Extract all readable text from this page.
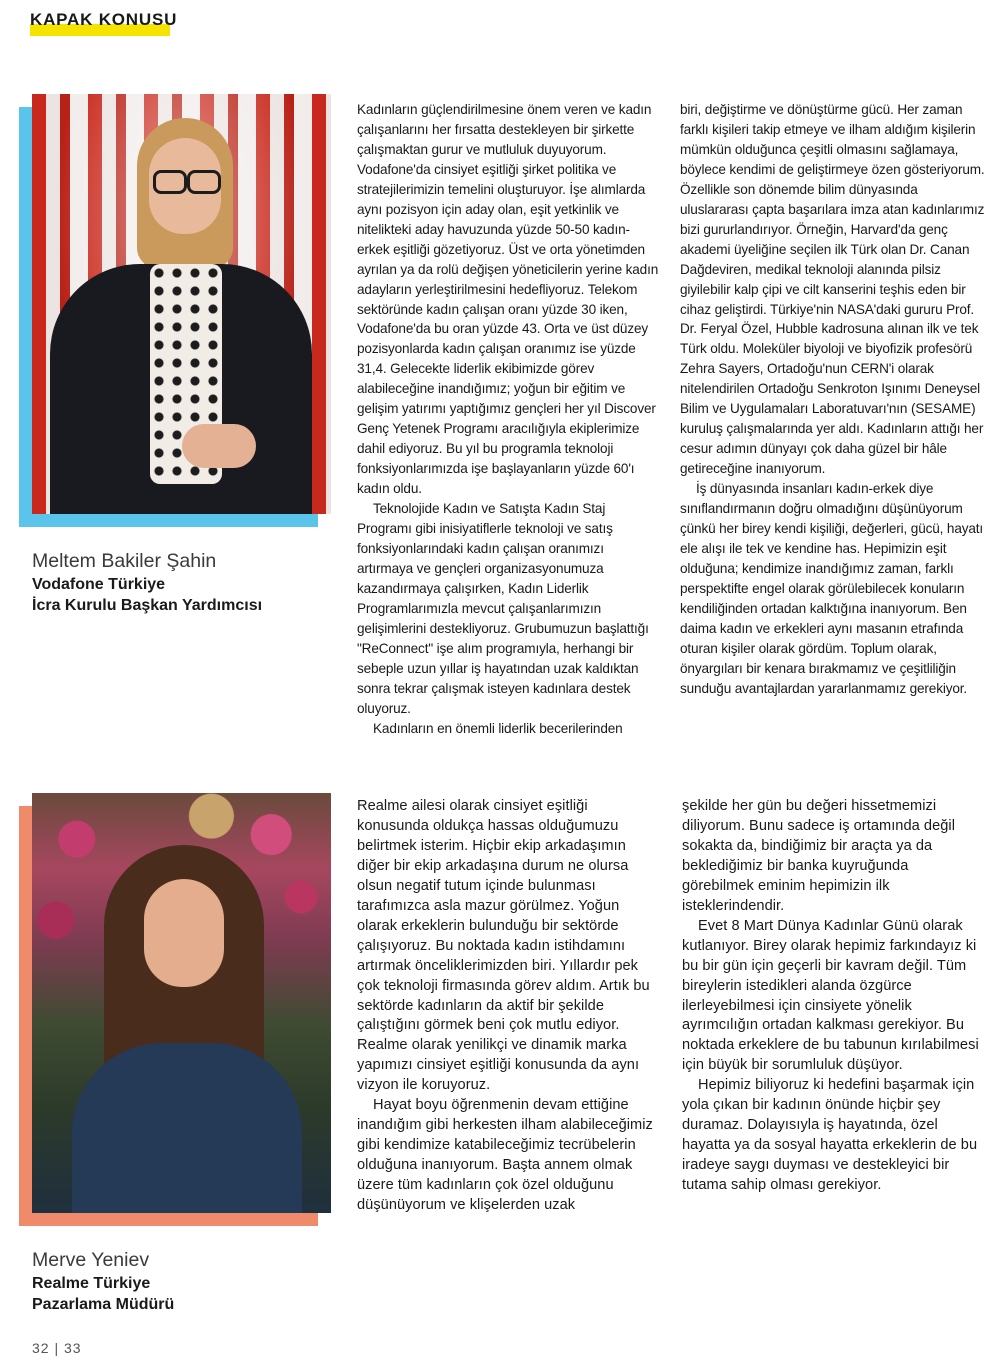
KAPAK KONUSU
Meltem Bakiler Şahin
Vodafone Türkiye
İcra Kurulu Başkan Yardımcısı

Kadınların güçlendirilmesine önem veren ve kadın çalışanlarını her fırsatta destekleyen bir şirkette çalışmaktan gurur ve mutluluk duyuyorum. Vodafone'da cinsiyet eşitliği şirket politika ve stratejilerimizin temelini oluşturuyor. İşe alımlarda aynı pozisyon için aday olan, eşit yetkinlik ve nitelikteki aday havuzunda yüzde 50-50 kadın-erkek eşitliği gözetiyoruz. Üst ve orta yönetimden ayrılan ya da rolü değişen yöneticilerin yerine kadın adayların yerleştirilmesini hedefliyoruz. Telekom sektöründe kadın çalışan oranı yüzde 30 iken, Vodafone'da bu oran yüzde 43. Orta ve üst düzey pozisyonlarda kadın çalışan oranımız ise yüzde 31,4. Gelecekte liderlik ekibimizde görev alabileceğine inandığımız; yoğun bir eğitim ve gelişim yatırımı yaptığımız gençleri her yıl Discover Genç Yetenek Programı aracılığıyla ekiplerimize dahil ediyoruz. Bu yıl bu programla teknoloji fonksiyonlarımızda işe başlayanların yüzde 60'ı kadın oldu.

Teknolojide Kadın ve Satışta Kadın Staj Programı gibi inisiyatiflerle teknoloji ve satış fonksiyonlarındaki kadın çalışan oranımızı artırmaya ve gençleri organizasyonumuza kazandırmaya çalışırken, Kadın Liderlik Programlarımızla mevcut çalışanlarımızın gelişimlerini destekliyoruz. Grubumuzun başlattığı "ReConnect" işe alım programıyla, herhangi bir sebeple uzun yıllar iş hayatından uzak kaldıktan sonra tekrar çalışmak isteyen kadınlara destek oluyoruz.

Kadınların en önemli liderlik becerilerinden

biri, değiştirme ve dönüştürme gücü. Her zaman farklı kişileri takip etmeye ve ilham aldığım kişilerin mümkün olduğunca çeşitli olmasını sağlamaya, böylece kendimi de geliştirmeye özen gösteriyorum. Özellikle son dönemde bilim dünyasında uluslararası çapta başarılara imza atan kadınlarımız bizi gururlandırıyor. Örneğin, Harvard'da genç akademi üyeliğine seçilen ilk Türk olan Dr. Canan Dağdeviren, medikal teknoloji alanında pilsiz giyilebilir kalp çipi ve cilt kanserini teşhis eden bir cihaz geliştirdi. Türkiye'nin NASA'daki gururu Prof. Dr. Feryal Özel, Hubble kadrosuna alınan ilk ve tek Türk oldu. Moleküler biyoloji ve biyofizik profesörü Zehra Sayers, Ortadoğu'nun CERN'i olarak nitelendirilen Ortadoğu Senkroton Işınımı Deneysel Bilim ve Uygulamaları Laboratuvarı'nın (SESAME) kuruluş çalışmalarında yer aldı. Kadınların attığı her cesur adımın dünyayı çok daha güzel bir hâle getireceğine inanıyorum.

İş dünyasında insanları kadın-erkek diye sınıflandırmanın doğru olmadığını düşünüyorum çünkü her birey kendi kişiliği, değerleri, gücü, hayatı ele alışı ile tek ve kendine has. Hepimizin eşit olduğuna; kendimize inandığımız zaman, farklı perspektifte engel olarak görülebilecek konuların kendiliğinden ortadan kalktığına inanıyorum. Ben daima kadın ve erkekleri aynı masanın etrafında oturan kişiler olarak gördüm. Toplum olarak, önyargıları bir kenara bırakmamız ve çeşitliliğin sunduğu avantajlardan yararlanmamız gerekiyor.

Merve Yeniev
Realme Türkiye
Pazarlama Müdürü

Realme ailesi olarak cinsiyet eşitliği konusunda oldukça hassas olduğumuzu belirtmek isterim. Hiçbir ekip arkadaşımın diğer bir ekip arkadaşına durum ne olursa olsun negatif tutum içinde bulunması tarafımızca asla mazur görülmez. Yoğun olarak erkeklerin bulunduğu bir sektörde çalışıyoruz. Bu noktada kadın istihdamını artırmak önceliklerimizden biri. Yıllardır pek çok teknoloji firmasında görev aldım. Artık bu sektörde kadınların da aktif bir şekilde çalıştığını görmek beni çok mutlu ediyor. Realme olarak yenilikçi ve dinamik marka yapımızı cinsiyet eşitliği konusunda da aynı vizyon ile koruyoruz.

Hayat boyu öğrenmenin devam ettiğine inandığım gibi herkesten ilham alabileceğimiz gibi kendimize katabileceğimiz tecrübelerin olduğuna inanıyorum. Başta annem olmak üzere tüm kadınların çok özel olduğunu düşünüyorum ve klişelerden uzak

şekilde her gün bu değeri hissetmemizi diliyorum. Bunu sadece iş ortamında değil sokakta da, bindiğimiz bir araçta ya da beklediğimiz bir banka kuyruğunda görebilmek eminim hepimizin ilk isteklerindendir.

Evet 8 Mart Dünya Kadınlar Günü olarak kutlanıyor. Birey olarak hepimiz farkındayız ki bu bir gün için geçerli bir kavram değil. Tüm bireylerin istedikleri alanda özgürce ilerleyebilmesi için cinsiyete yönelik ayrımcılığın ortadan kalkması gerekiyor. Bu noktada erkeklere de bu tabunun kırılabilmesi için büyük bir sorumluluk düşüyor.

Hepimiz biliyoruz ki hedefini başarmak için yola çıkan bir kadının önünde hiçbir şey duramaz. Dolayısıyla iş hayatında, özel hayatta ya da sosyal hayatta erkeklerin de bu iradeye saygı duyması ve destekleyici bir tutama sahip olması gerekiyor.

32 | 33
